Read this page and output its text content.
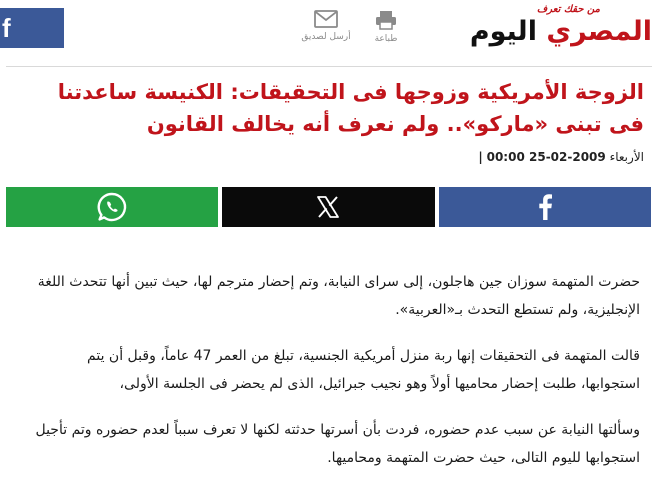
f	أرسل لصديق	طباعة
من حقك تعرف
المصري اليوم
الزوجة الأمريكية وزوجها فى التحقيقات: الكنيسة ساعدتنا فى تبنى «ماركو».. ولم نعرف أنه يخالف القانون
الأربعاء 2009-02-25 00:00 |

حضرت المتهمة سوزان جين هاجلون، إلى سراى النيابة، وتم إحضار مترجم لها، حيث تبين أنها تتحدث اللغة الإنجليزية، ولم تستطع التحدث بـ«العربية».

قالت المتهمة فى التحقيقات إنها ربة منزل أمريكية الجنسية، تبلغ من العمر 47 عاماً، وقبل أن يتم استجوابها، طلبت إحضار محاميها أولاً وهو نجيب جبرائيل، الذى لم يحضر فى الجلسة الأولى،

وسألتها النيابة عن سبب عدم حضوره، فردت بأن أسرتها حدثته لكنها لا تعرف سبباً لعدم حضوره وتم تأجيل استجوابها لليوم التالى، حيث حضرت المتهمة ومحاميها.
